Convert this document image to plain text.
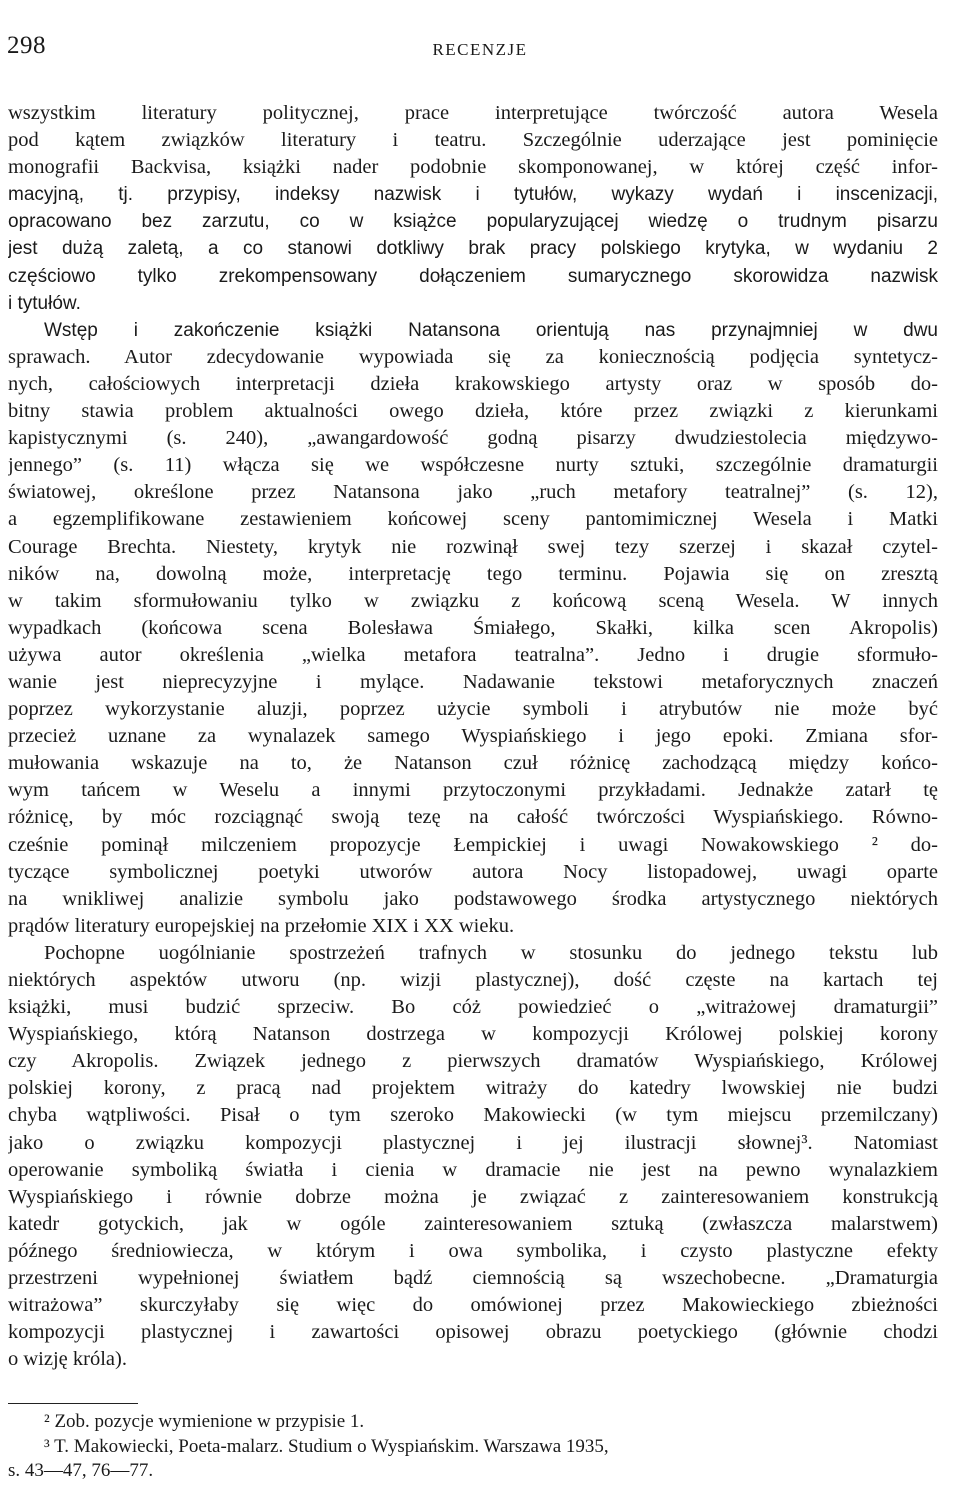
298	RECENZJE
wszystkim literatury politycznej, prace interpretujące twórczość autora Wesela
pod kątem związków literatury i teatru. Szczególnie uderzające jest pominięcie
monografii Backvisa, książki nader podobnie skomponowanej, w której część infor-
macyjną, tj. przypisy, indeksy nazwisk i tytułów, wykazy wydań i inscenizacji,
opracowano bez zarzutu, co w książce popularyzującej wiedzę o trudnym pisarzu
jest dużą zaletą, a co stanowi dotkliwy brak pracy polskiego krytyka, w wydaniu 2
częściowo tylko zrekompensowany dołączeniem sumarycznego skorowidza nazwisk
i tytułów.
Wstęp i zakończenie książki Natansona orientują nas przynajmniej w dwu
sprawach. Autor zdecydowanie wypowiada się za koniecznością podjęcia syntetycz-
nych, całościowych interpretacji dzieła krakowskiego artysty oraz w sposób do-
bitny stawia problem aktualności owego dzieła, które przez związki z kierunkami
kapistycznymi (s. 240), „awangardowość godną pisarzy dwudziestolecia międzywo-
jennego” (s. 11) włącza się we współczesne nurty sztuki, szczególnie dramaturgii
światowej, określone przez Natansona jako „ruch metafory teatralnej” (s. 12),
a egzemplifikowane zestawieniem końcowej sceny pantomimicznej Wesela i Matki
Courage Brechta. Niestety, krytyk nie rozwinął swej tezy szerzej i skazał czytel-
ników na, dowolną może, interpretację tego terminu. Pojawia się on zresztą
w takim sformułowaniu tylko w związku z końcową sceną Wesela. W innych
wypadkach (końcowa scena Bolesława Śmiałego, Skałki, kilka scen Akropolis)
używa autor określenia „wielka metafora teatralna”. Jedno i drugie sformuło-
wanie jest nieprecyzyjne i mylące. Nadawanie tekstowi metaforycznych znaczeń
poprzez wykorzystanie aluzji, poprzez użycie symboli i atrybutów nie może być
przecież uznane za wynalazek samego Wyspiańskiego i jego epoki. Zmiana sfor-
mułowania wskazuje na to, że Natanson czuł różnicę zachodzącą między końco-
wym tańcem w Weselu a innymi przytoczonymi przykładami. Jednakże zatarł tę
różnicę, by móc rozciągnąć swoją tezę na całość twórczości Wyspiańskiego. Równo-
cześnie pominął milczeniem propozycje Łempickiej i uwagi Nowakowskiego ² do-
tyczące symbolicznej poetyki utworów autora Nocy listopadowej, uwagi oparte
na wnikliwej analizie symbolu jako podstawowego środka artystycznego niektórych
prądów literatury europejskiej na przełomie XIX i XX wieku.
Pochopne uogólnianie spostrzeżeń trafnych w stosunku do jednego tekstu lub
niektórych aspektów utworu (np. wizji plastycznej), dość częste na kartach tej
książki, musi budzić sprzeciw. Bo cóż powiedzieć o „witrażowej dramaturgii”
Wyspiańskiego, którą Natanson dostrzega w kompozycji Królowej polskiej korony
czy Akropolis. Związek jednego z pierwszych dramatów Wyspiańskiego, Królowej
polskiej korony, z pracą nad projektem witraży do katedry lwowskiej nie budzi
chyba wątpliwości. Pisał o tym szeroko Makowiecki (w tym miejscu przemilczany)
jako o związku kompozycji plastycznej i jej ilustracji słownej³. Natomiast
operowanie symboliką światła i cienia w dramacie nie jest na pewno wynalazkiem
Wyspiańskiego i równie dobrze można je związać z zainteresowaniem konstrukcją
katedr gotyckich, jak w ogóle zainteresowaniem sztuką (zwłaszcza malarstwem)
późnego średniowiecza, w którym i owa symbolika, i czysto plastyczne efekty
przestrzeni wypełnionej światłem bądź ciemnością są wszechobecne. „Dramaturgia
witrażowa” skurczyłaby się więc do omówionej przez Makowieckiego zbieżności
kompozycji plastycznej i zawartości opisowej obrazu poetyckiego (głównie chodzi
o wizję króla).
² Zob. pozycje wymienione w przypisie 1.
³ T. Makowiecki, Poeta-malarz. Studium o Wyspiańskim. Warszawa 1935,
s. 43—47, 76—77.
